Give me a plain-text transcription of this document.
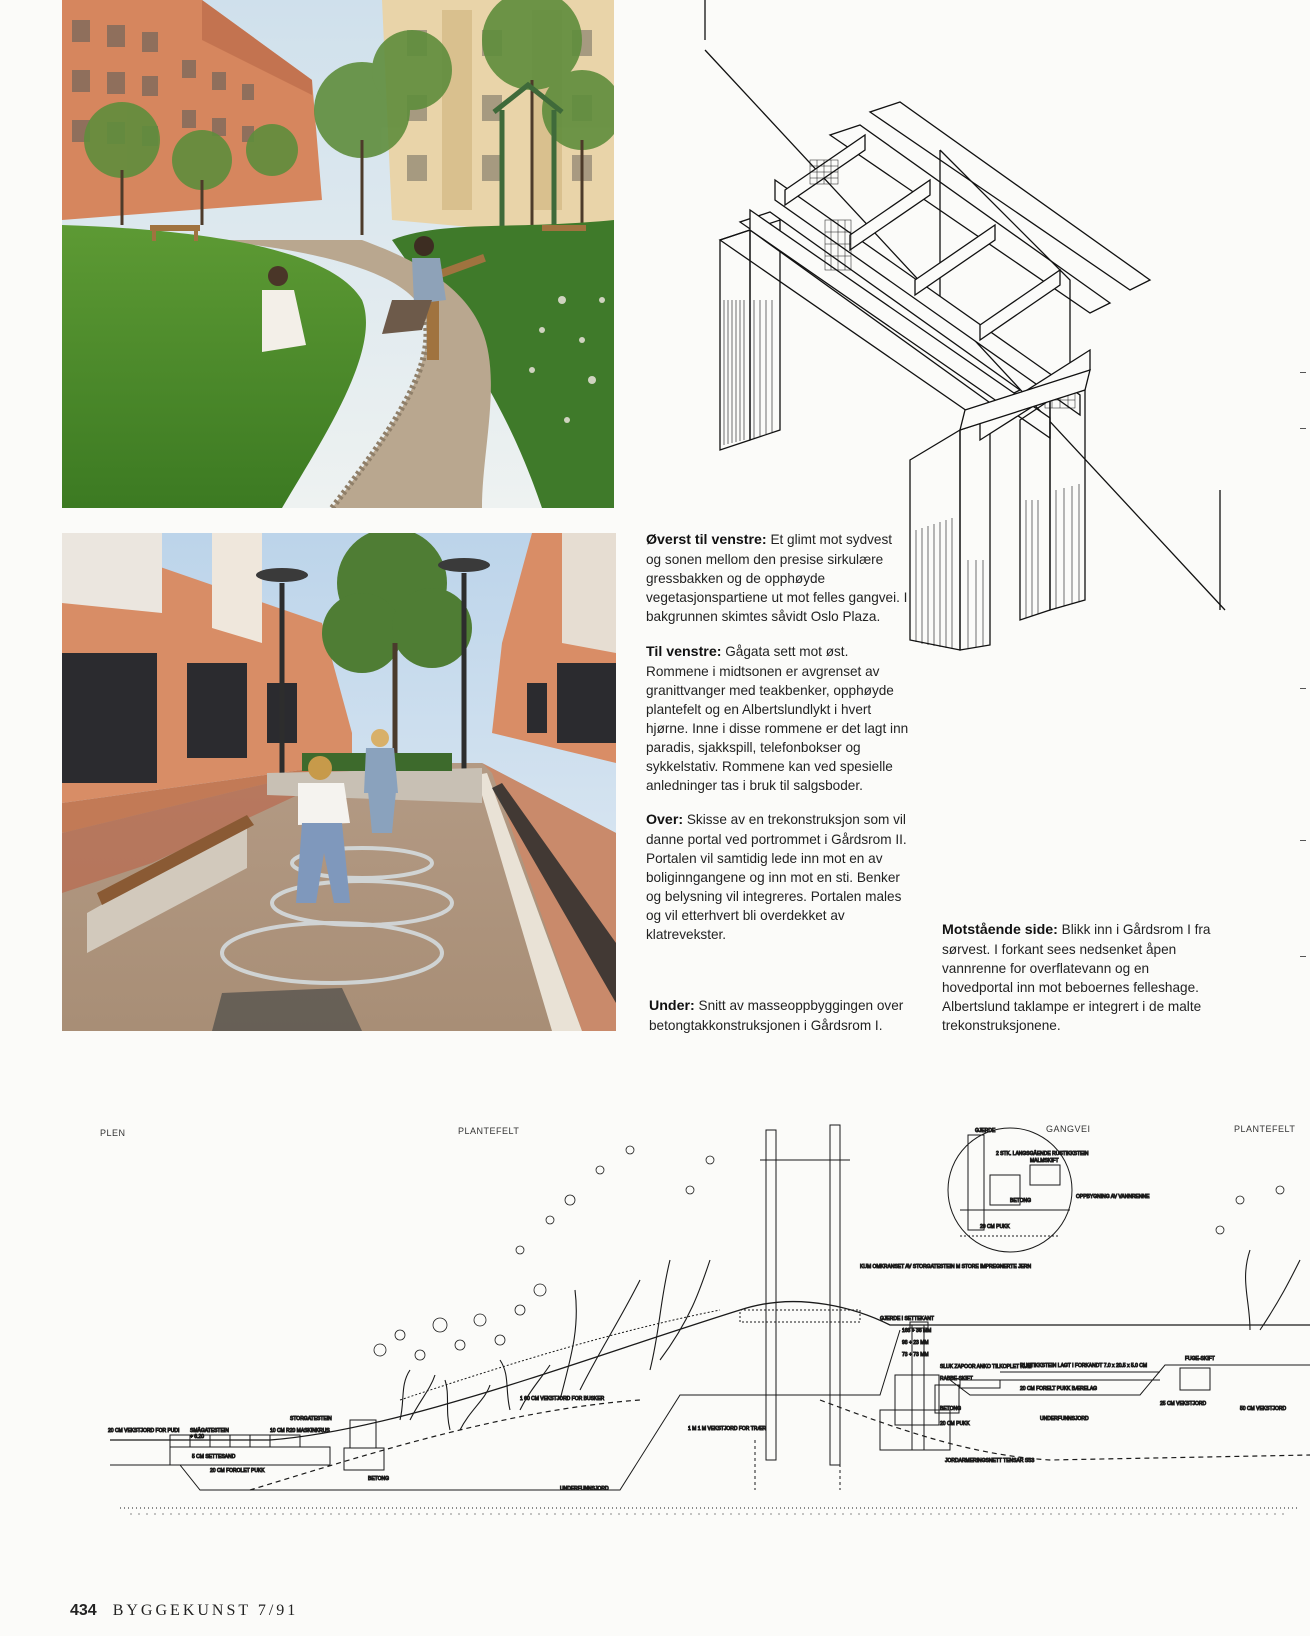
Øverst til venstre: Et glimt mot sydvest og sonen mellom den presise sirkulære gressbakken og de opphøyde vegetasjonspartiene ut mot felles gangvei. I bakgrunnen skimtes såvidt Oslo Plaza.
Til venstre: Gågata sett mot øst. Rommene i midtsonen er avgrenset av granittvanger med teakbenker, opphøyde plantefelt og en Albertslundlykt i hvert hjørne. Inne i disse rommene er det lagt inn paradis, sjakkspill, telefonbokser og sykkelstativ. Rommene kan ved spesielle anledninger tas i bruk til salgsboder.
Over: Skisse av en trekonstruksjon som vil danne portal ved portrommet i Gårdsrom II. Portalen vil samtidig lede inn mot en av boliginngangene og inn mot en sti. Benker og belysning vil integreres. Portalen males og vil etterhvert bli overdekket av klatrevekster.
Under: Snitt av masseoppbyggingen over betongtakkonstruksjonen i Gårdsrom I.
Motstående side: Blikk inn i Gårdsrom I fra sørvest. I forkant sees nedsenket åpen vannrenne for overflatevann og en hovedportal inn mot beboernes felleshage. Albertslund taklampe er integrert i de malte trekonstruksjonene.
PLEN	PLANTEFELT	GANGVEI	PLANTEFELT
SMÅGATESTEIN
+ 6.20
20 CM VEKSTJORD FOR PUDI
5 CM SETTESAND
20 CM FOROLET PUKK
STORGATESTEIN
10 CM R20 MASKINKRUS
BETONG
1 60 CM VEKSTJORD FOR BUSKER
UNDERFUNNSJORD
1 M 1 M VEKSTJORD FOR TRÆR
GJERDE I SETTEKANT
168 + 36 MM
98 + 23 MM
73 + 73 MM
SLUK ZAPOOR ANKO TILKOPLET KUM
RABBE-SKIFT
RUSTIKKSTEIN LAGT I FORKANDT 7.0 x 20.5 x 5.0 CM
20 CM FORELT PUKK BÆRELAG
20 CM PUKK
BETONG
UNDERFUNNSJORD
JORDARMERINGSNETT TENSAR SS3
25 CM VEKSTJORD
50 CM VEKSTJORD
KUM OMKRANSET AV STORGATESTEIN M STORE IMPREGNERTE JERN
2 STK. LANGSGÅENDE RUSTIKKSTEIN
MALMSKIFT
OPPBYGNING AV VANNRENNE
20 CM PUKK
BETONG
GJERDE
FUGE-SKIFT
434 BYGGEKUNST 7/91
